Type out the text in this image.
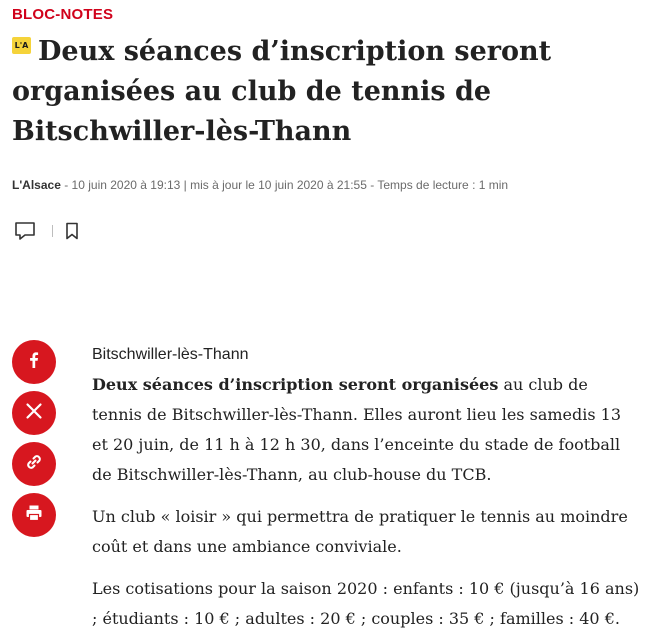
BLOC-NOTES
L'A Deux séances d’inscription seront organisées au club de tennis de Bitschwiller-lès-Thann
L'Alsace - 10 juin 2020 à 19:13 | mis à jour le 10 juin 2020 à 21:55 - Temps de lecture : 1 min
Bitschwiller-lès-Thann

Deux séances d’inscription seront organisées au club de tennis de Bitschwiller-lès-Thann. Elles auront lieu les samedis 13 et 20 juin, de 11 h à 12 h 30, dans l’enceinte du stade de football de Bitschwiller-lès-Thann, au club-house du TCB.

Un club « loisir » qui permettra de pratiquer le tennis au moindre coût et dans une ambiance conviviale.

Les cotisations pour la saison 2020 : enfants : 10 € (jusqu’à 16 ans) ; étudiants : 10 € ; adultes : 20 € ; couples : 35 € ; familles : 40 €.
